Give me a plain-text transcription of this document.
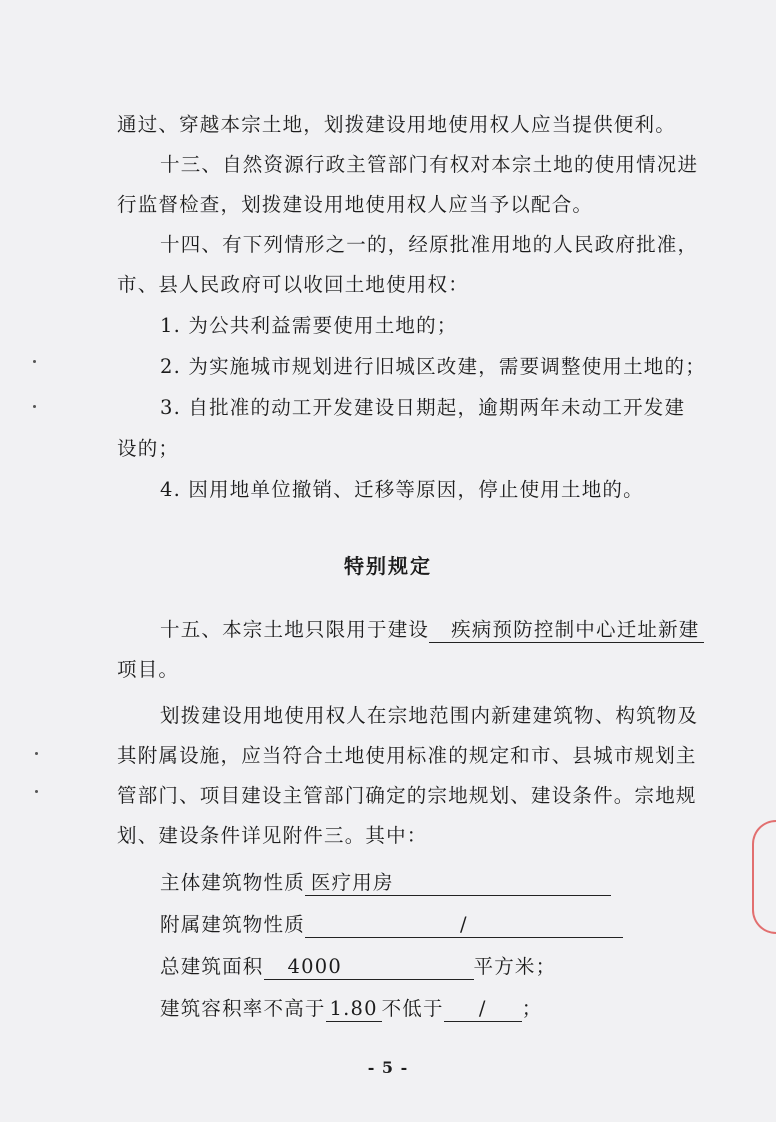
通过、穿越本宗土地，划拨建设用地使用权人应当提供便利。
十三、自然资源行政主管部门有权对本宗土地的使用情况进
行监督检查，划拨建设用地使用权人应当予以配合。
十四、有下列情形之一的，经原批准用地的人民政府批准，
市、县人民政府可以收回土地使用权：
1. 为公共利益需要使用土地的；
2. 为实施城市规划进行旧城区改建，需要调整使用土地的；
3. 自批准的动工开发建设日期起，逾期两年未动工开发建
设的；
4. 因用地单位撤销、迁移等原因，停止使用土地的。
特别规定
十五、本宗土地只限用于建设 疾病预防控制中心迁址新建
项目。
划拨建设用地使用权人在宗地范围内新建建筑物、构筑物及
其附属设施，应当符合土地使用标准的规定和市、县城市规划主
管部门、项目建设主管部门确定的宗地规划、建设条件。宗地规
划、建设条件详见附件三。其中：
主体建筑物性质 医疗用房
附属建筑物性质	/
总建筑面积 4000	平方米；
建筑容积率不高于 1.80 不低于 / ；
- 5 -
